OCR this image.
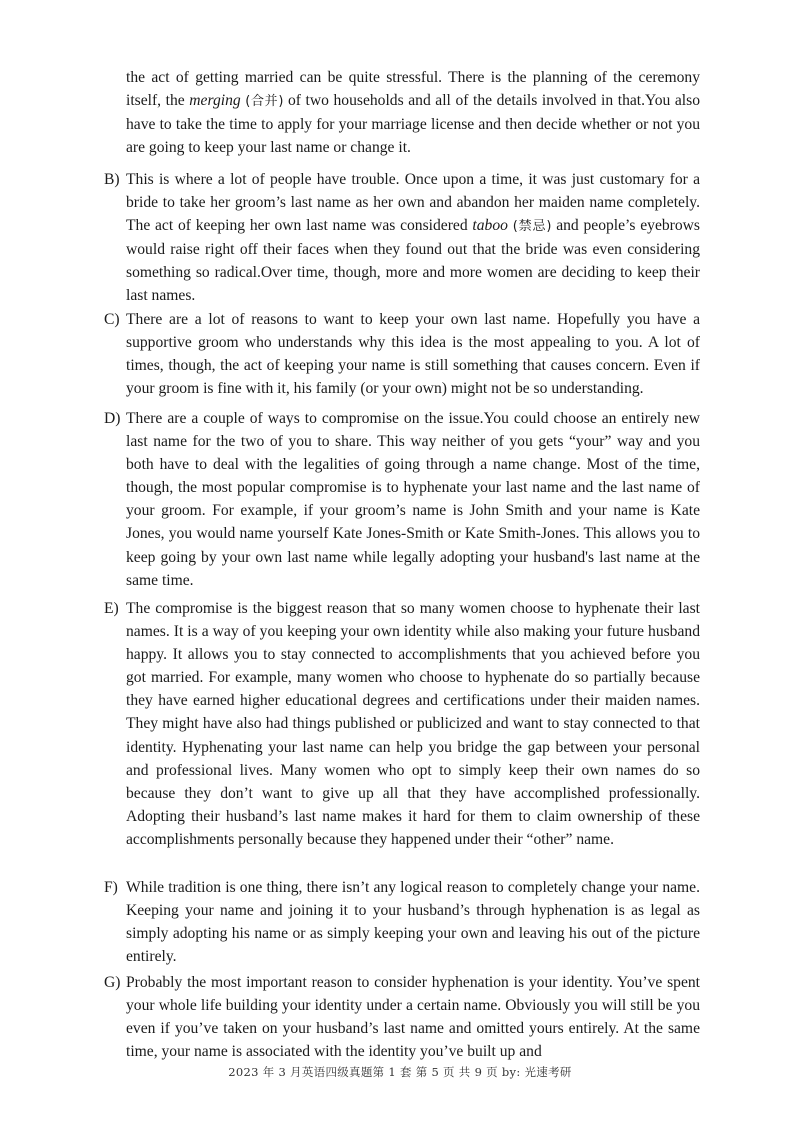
the act of getting married can be quite stressful. There is the planning of the ceremony itself, the merging (合并) of two households and all of the details involved in that.You also have to take the time to apply for your marriage license and then decide whether or not you are going to keep your last name or change it.

B) This is where a lot of people have trouble. Once upon a time, it was just customary for a bride to take her groom’s last name as her own and abandon her maiden name completely. The act of keeping her own last name was considered taboo (禁忌) and people’s eyebrows would raise right off their faces when they found out that the bride was even considering something so radical.Over time, though, more and more women are deciding to keep their last names.

C) There are a lot of reasons to want to keep your own last name. Hopefully you have a supportive groom who understands why this idea is the most appealing to you. A lot of times, though, the act of keeping your name is still something that causes concern. Even if your groom is fine with it, his family (or your own) might not be so understanding.

D) There are a couple of ways to compromise on the issue.You could choose an entirely new last name for the two of you to share. This way neither of you gets “your” way and you both have to deal with the legalities of going through a name change. Most of the time, though, the most popular compromise is to hyphenate your last name and the last name of your groom. For example, if your groom’s name is John Smith and your name is Kate Jones, you would name yourself Kate Jones-Smith or Kate Smith-Jones. This allows you to keep going by your own last name while legally adopting your husband's last name at the same time.

E) The compromise is the biggest reason that so many women choose to hyphenate their last names. It is a way of you keeping your own identity while also making your future husband happy. It allows you to stay connected to accomplishments that you achieved before you got married. For example, many women who choose to hyphenate do so partially because they have earned higher educational degrees and certifications under their maiden names. They might have also had things published or publicized and want to stay connected to that identity. Hyphenating your last name can help you bridge the gap between your personal and professional lives. Many women who opt to simply keep their own names do so because they don’t want to give up all that they have accomplished professionally. Adopting their husband’s last name makes it hard for them to claim ownership of these accomplishments personally because they happened under their “other” name.

F) While tradition is one thing, there isn’t any logical reason to completely change your name. Keeping your name and joining it to your husband’s through hyphenation is as legal as simply adopting his name or as simply keeping your own and leaving his out of the picture entirely.

G) Probably the most important reason to consider hyphenation is your identity. You’ve spent your whole life building your identity under a certain name. Obviously you will still be you even if you’ve taken on your husband’s last name and omitted yours entirely. At the same time, your name is associated with the identity you’ve built up and

2023 年 3 月英语四级真题第 1 套 第 5 页 共 9 页 by: 光速考研
